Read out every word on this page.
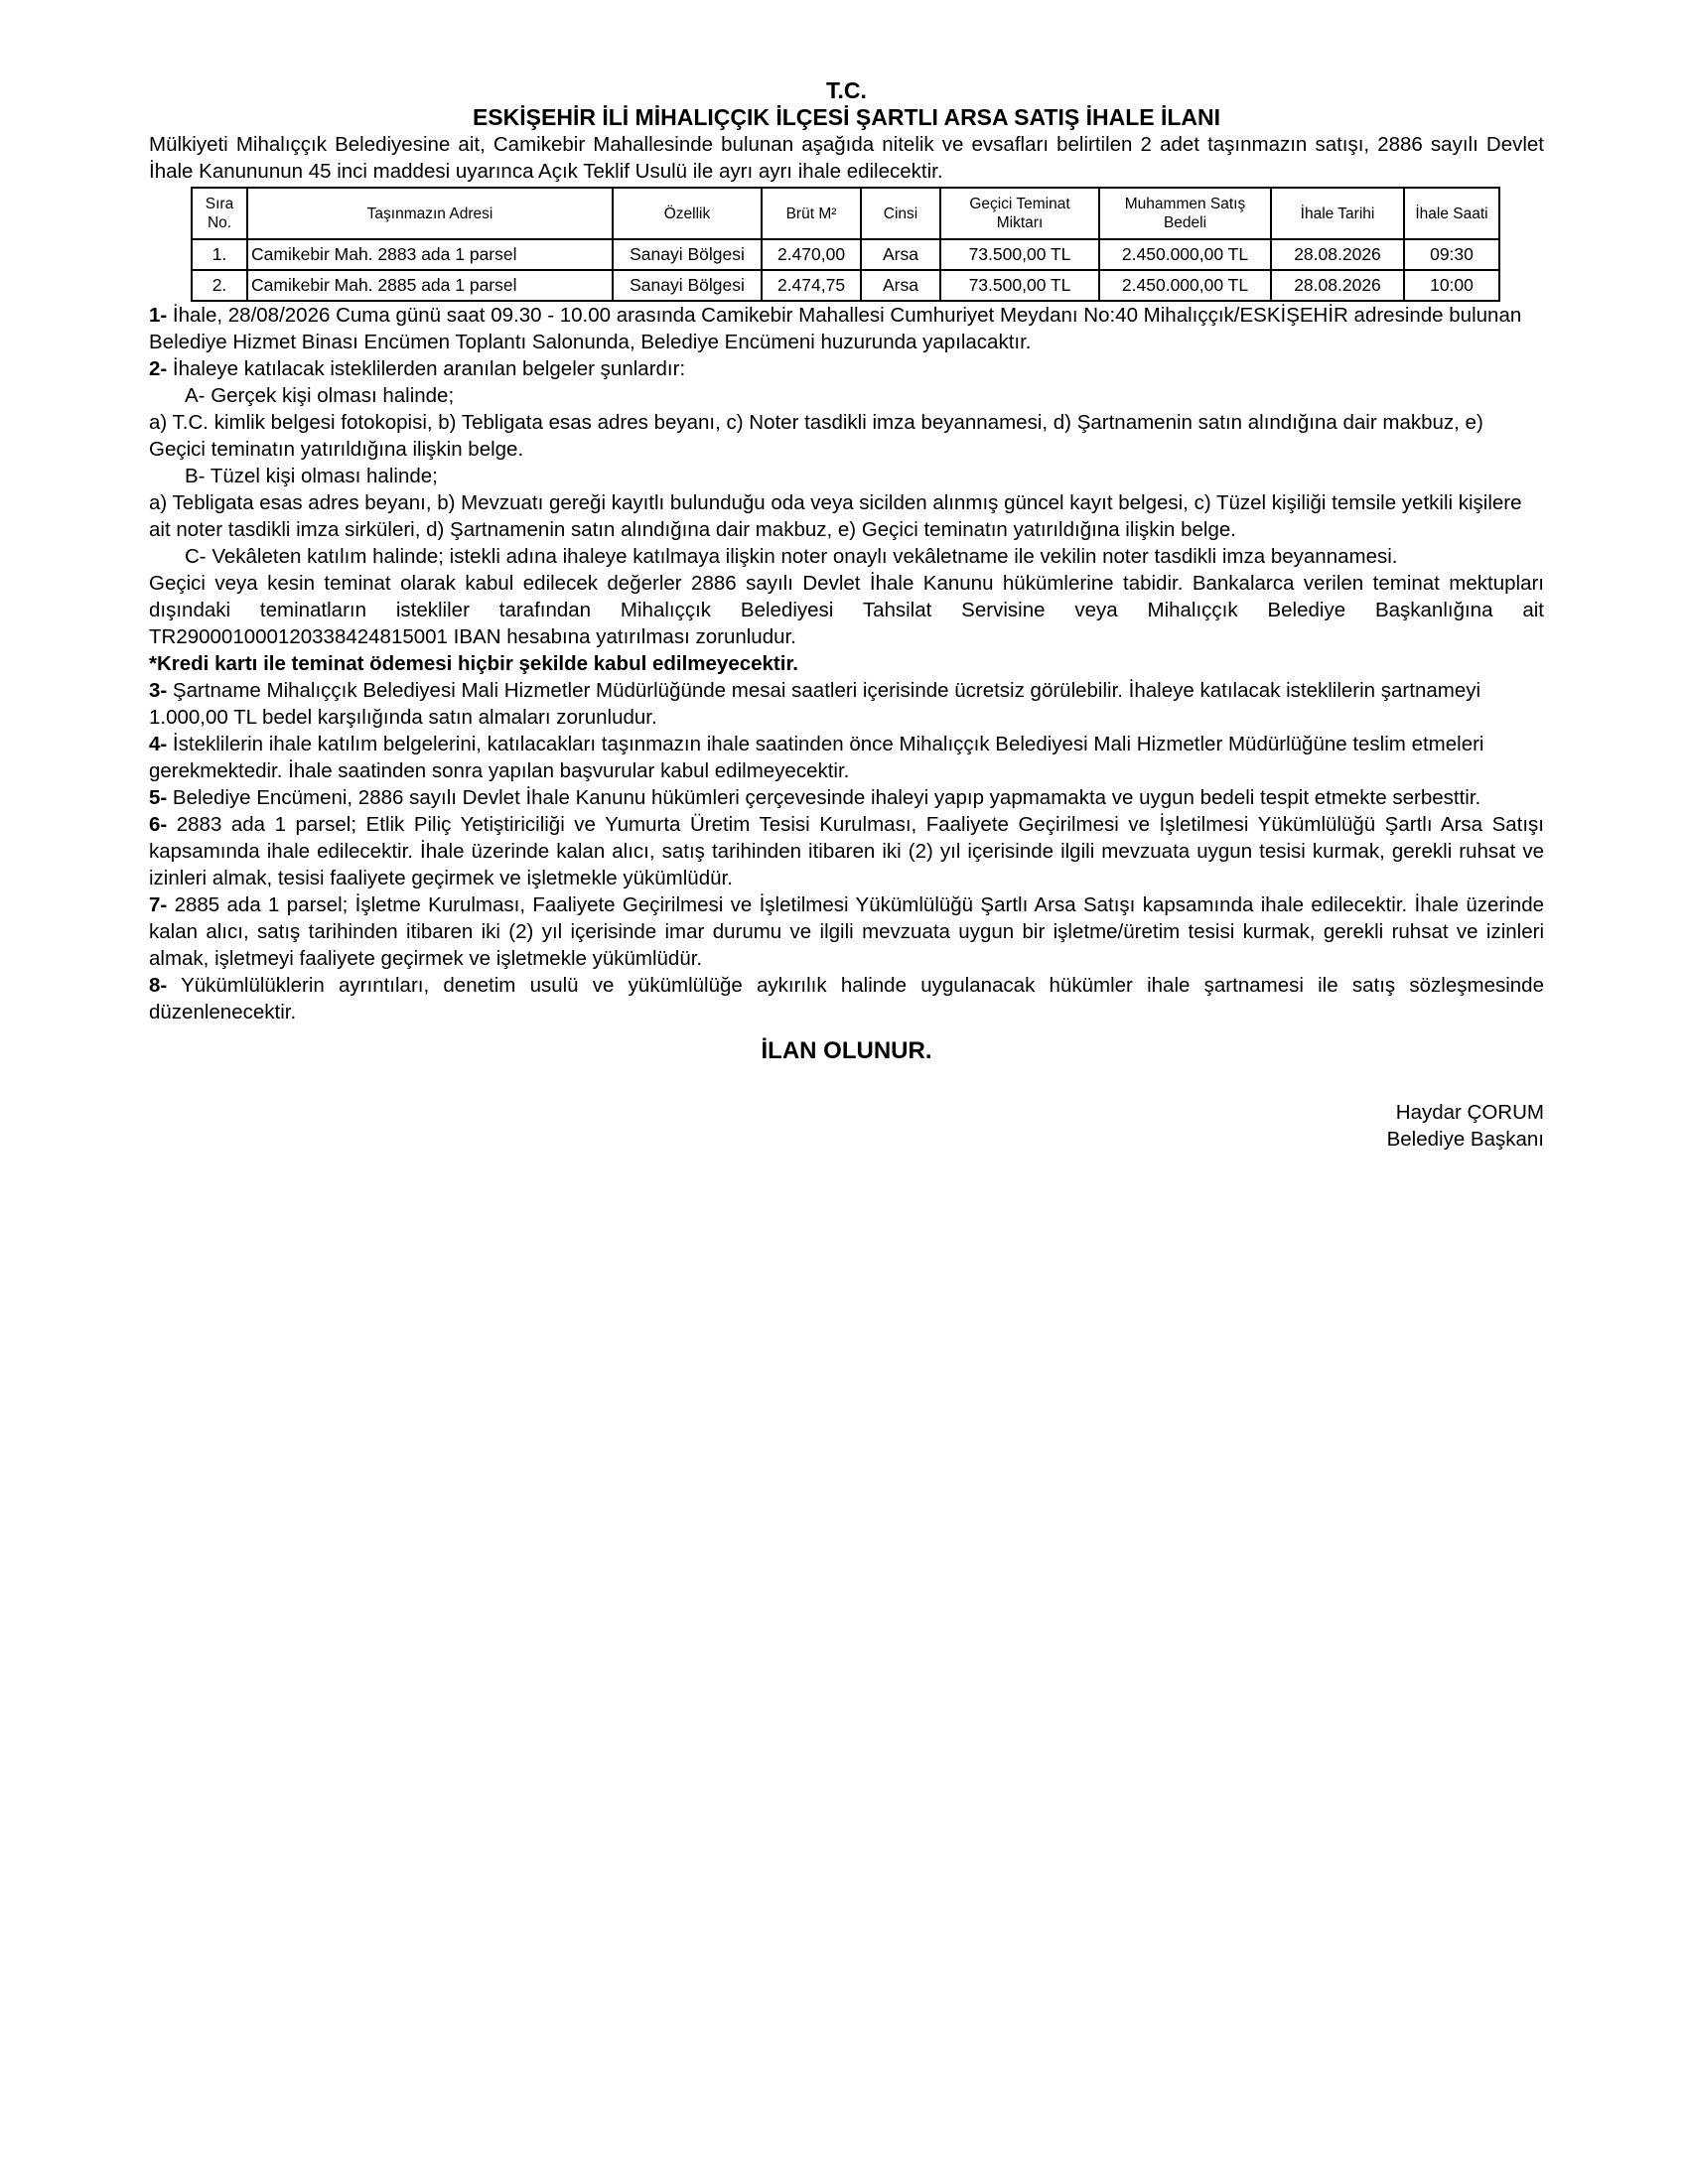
T.C.
ESKİŞEHİR İLİ MİHALIÇÇIK İLÇESİ ŞARTLI ARSA SATIŞ İHALE İLANI

Mülkiyeti Mihalıççık Belediyesine ait, Camikebir Mahallesinde bulunan aşağıda nitelik ve evsafları belirtilen 2 adet taşınmazın satışı, 2886 sayılı Devlet İhale Kanununun 45 inci maddesi uyarınca Açık Teklif Usulü ile ayrı ayrı ihale edilecektir.

Sıra No.	Taşınmazın Adresi	Özellik	Brüt M²	Cinsi	Geçici Teminat Miktarı	Muhammen Satış Bedeli	İhale Tarihi	İhale Saati
1.	Camikebir Mah. 2883 ada 1 parsel	Sanayi Bölgesi	2.470,00	Arsa	73.500,00 TL	2.450.000,00 TL	28.08.2026	09:30
2.	Camikebir Mah. 2885 ada 1 parsel	Sanayi Bölgesi	2.474,75	Arsa	73.500,00 TL	2.450.000,00 TL	28.08.2026	10:00

1- İhale, 28/08/2026 Cuma günü saat 09.30 - 10.00 arasında Camikebir Mahallesi Cumhuriyet Meydanı No:40 Mihalıççık/ESKİŞEHİR adresinde bulunan Belediye Hizmet Binası Encümen Toplantı Salonunda, Belediye Encümeni huzurunda yapılacaktır.

2- İhaleye katılacak isteklilerden aranılan belgeler şunlardır:

A- Gerçek kişi olması halinde;

a) T.C. kimlik belgesi fotokopisi, b) Tebligata esas adres beyanı, c) Noter tasdikli imza beyannamesi, d) Şartnamenin satın alındığına dair makbuz, e) Geçici teminatın yatırıldığına ilişkin belge.

B- Tüzel kişi olması halinde;

a) Tebligata esas adres beyanı, b) Mevzuatı gereği kayıtlı bulunduğu oda veya sicilden alınmış güncel kayıt belgesi, c) Tüzel kişiliği temsile yetkili kişilere ait noter tasdikli imza sirküleri, d) Şartnamenin satın alındığına dair makbuz, e) Geçici teminatın yatırıldığına ilişkin belge.

C- Vekâleten katılım halinde; istekli adına ihaleye katılmaya ilişkin noter onaylı vekâletname ile vekilin noter tasdikli imza beyannamesi.

Geçici veya kesin teminat olarak kabul edilecek değerler 2886 sayılı Devlet İhale Kanunu hükümlerine tabidir. Bankalarca verilen teminat mektupları dışındaki teminatların istekliler tarafından Mihalıççık Belediyesi Tahsilat Servisine veya Mihalıççık Belediye Başkanlığına ait TR290001000120338424815001 IBAN hesabına yatırılması zorunludur.

*Kredi kartı ile teminat ödemesi hiçbir şekilde kabul edilmeyecektir.

3- Şartname Mihalıççık Belediyesi Mali Hizmetler Müdürlüğünde mesai saatleri içerisinde ücretsiz görülebilir. İhaleye katılacak isteklilerin şartnameyi 1.000,00 TL bedel karşılığında satın almaları zorunludur.

4- İsteklilerin ihale katılım belgelerini, katılacakları taşınmazın ihale saatinden önce Mihalıççık Belediyesi Mali Hizmetler Müdürlüğüne teslim etmeleri gerekmektedir. İhale saatinden sonra yapılan başvurular kabul edilmeyecektir.

5- Belediye Encümeni, 2886 sayılı Devlet İhale Kanunu hükümleri çerçevesinde ihaleyi yapıp yapmamakta ve uygun bedeli tespit etmekte serbesttir.

6- 2883 ada 1 parsel; Etlik Piliç Yetiştiriciliği ve Yumurta Üretim Tesisi Kurulması, Faaliyete Geçirilmesi ve İşletilmesi Yükümlülüğü Şartlı Arsa Satışı kapsamında ihale edilecektir. İhale üzerinde kalan alıcı, satış tarihinden itibaren iki (2) yıl içerisinde ilgili mevzuata uygun tesisi kurmak, gerekli ruhsat ve izinleri almak, tesisi faaliyete geçirmek ve işletmekle yükümlüdür.

7- 2885 ada 1 parsel; İşletme Kurulması, Faaliyete Geçirilmesi ve İşletilmesi Yükümlülüğü Şartlı Arsa Satışı kapsamında ihale edilecektir. İhale üzerinde kalan alıcı, satış tarihinden itibaren iki (2) yıl içerisinde imar durumu ve ilgili mevzuata uygun bir işletme/üretim tesisi kurmak, gerekli ruhsat ve izinleri almak, işletmeyi faaliyete geçirmek ve işletmekle yükümlüdür.

8- Yükümlülüklerin ayrıntıları, denetim usulü ve yükümlülüğe aykırılık halinde uygulanacak hükümler ihale şartnamesi ile satış sözleşmesinde düzenlenecektir.

İLAN OLUNUR.
Haydar ÇORUM
Belediye Başkanı
